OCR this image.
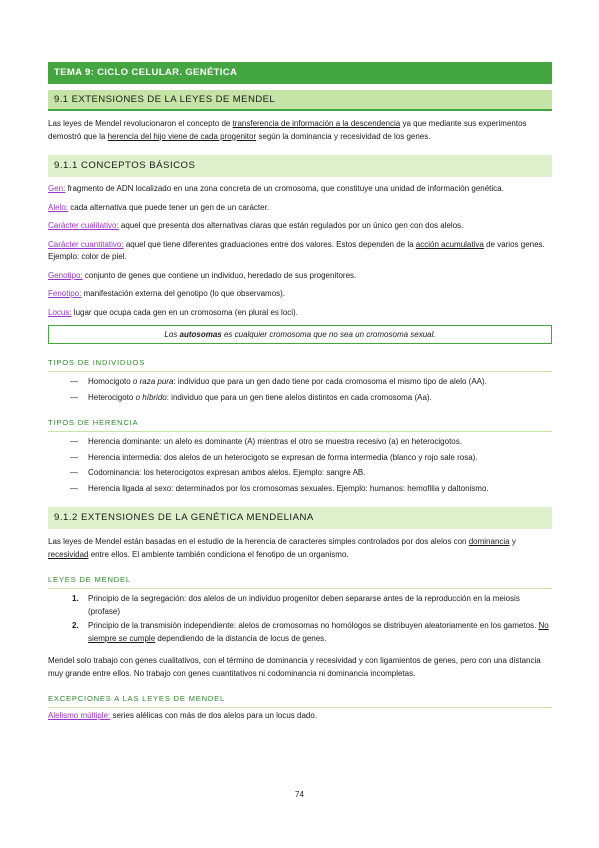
TEMA 9: CICLO CELULAR. GENÉTICA
9.1 EXTENSIONES DE LA LEYES DE MENDEL

Las leyes de Mendel revolucionaron el concepto de transferencia de información a la descendencia ya que mediante sus experimentos demostró que la herencia del hijo viene de cada progenitor según la dominancia y recesividad de los genes.

9.1.1 CONCEPTOS BÁSICOS

Gen: fragmento de ADN localizado en una zona concreta de un cromosoma, que constituye una unidad de información genética.

Alelo: cada alternativa que puede tener un gen de un carácter.

Carácter cualitativo: aquel que presenta dos alternativas claras que están regulados por un único gen con dos alelos.

Carácter cuantitativo: aquel que tiene diferentes graduaciones entre dos valores. Estos dependen de la acción acumulativa de varios genes. Ejemplo: color de piel.

Genotipo: conjunto de genes que contiene un individuo, heredado de sus progenitores.

Fenotipo: manifestación externa del genotipo (lo que observamos).

Locus: lugar que ocupa cada gen en un cromosoma (en plural es loci).

Los autosomas es cualquier cromosoma que no sea un cromosoma sexual.
TIPOS DE INDIVIDUOS
— Homocigoto o raza pura: individuo que para un gen dado tiene por cada cromosoma el mismo tipo de alelo (AA).
— Heterocigoto o híbrido: individuo que para un gen tiene alelos distintos en cada cromosoma (Aa).
TIPOS DE HERENCIA
— Herencia dominante: un alelo es dominante (A) mientras el otro se muestra recesivo (a) en heterocigotos.
— Herencia intermedia: dos alelos de un heterocigoto se expresan de forma intermedia (blanco y rojo sale rosa).
— Codominancia: los heterocigotos expresan ambos alelos. Ejemplo: sangre AB.
— Herencia ligada al sexo: determinados por los cromosomas sexuales. Ejemplo: humanos: hemofilia y daltonismo.
9.1.2 EXTENSIONES DE LA GENÉTICA MENDELIANA

Las leyes de Mendel están basadas en el estudio de la herencia de caracteres simples controlados por dos alelos con dominancia y recesividad entre ellos. El ambiente también condiciona el fenotipo de un organismo.

LEYES DE MENDEL
1. Principio de la segregación: dos alelos de un individuo progenitor deben separarse antes de la reproducción en la meiosis (profase)
2. Principio de la transmisión independiente: alelos de cromosomas no homólogos se distribuyen aleatoriamente en los gametos. No siempre se cumple dependiendo de la distancia de locus de genes.

Mendel solo trabajo con genes cualitativos, con el término de dominancia y recesividad y con ligamientos de genes, pero con una distancia muy grande entre ellos. No trabajo con genes cuantitativos ni codominancia ni dominancia incompletas.

EXCEPCIONES A LAS LEYES DE MENDEL

Alelismo múltiple: series alélicas con más de dos alelos para un locus dado.

74
